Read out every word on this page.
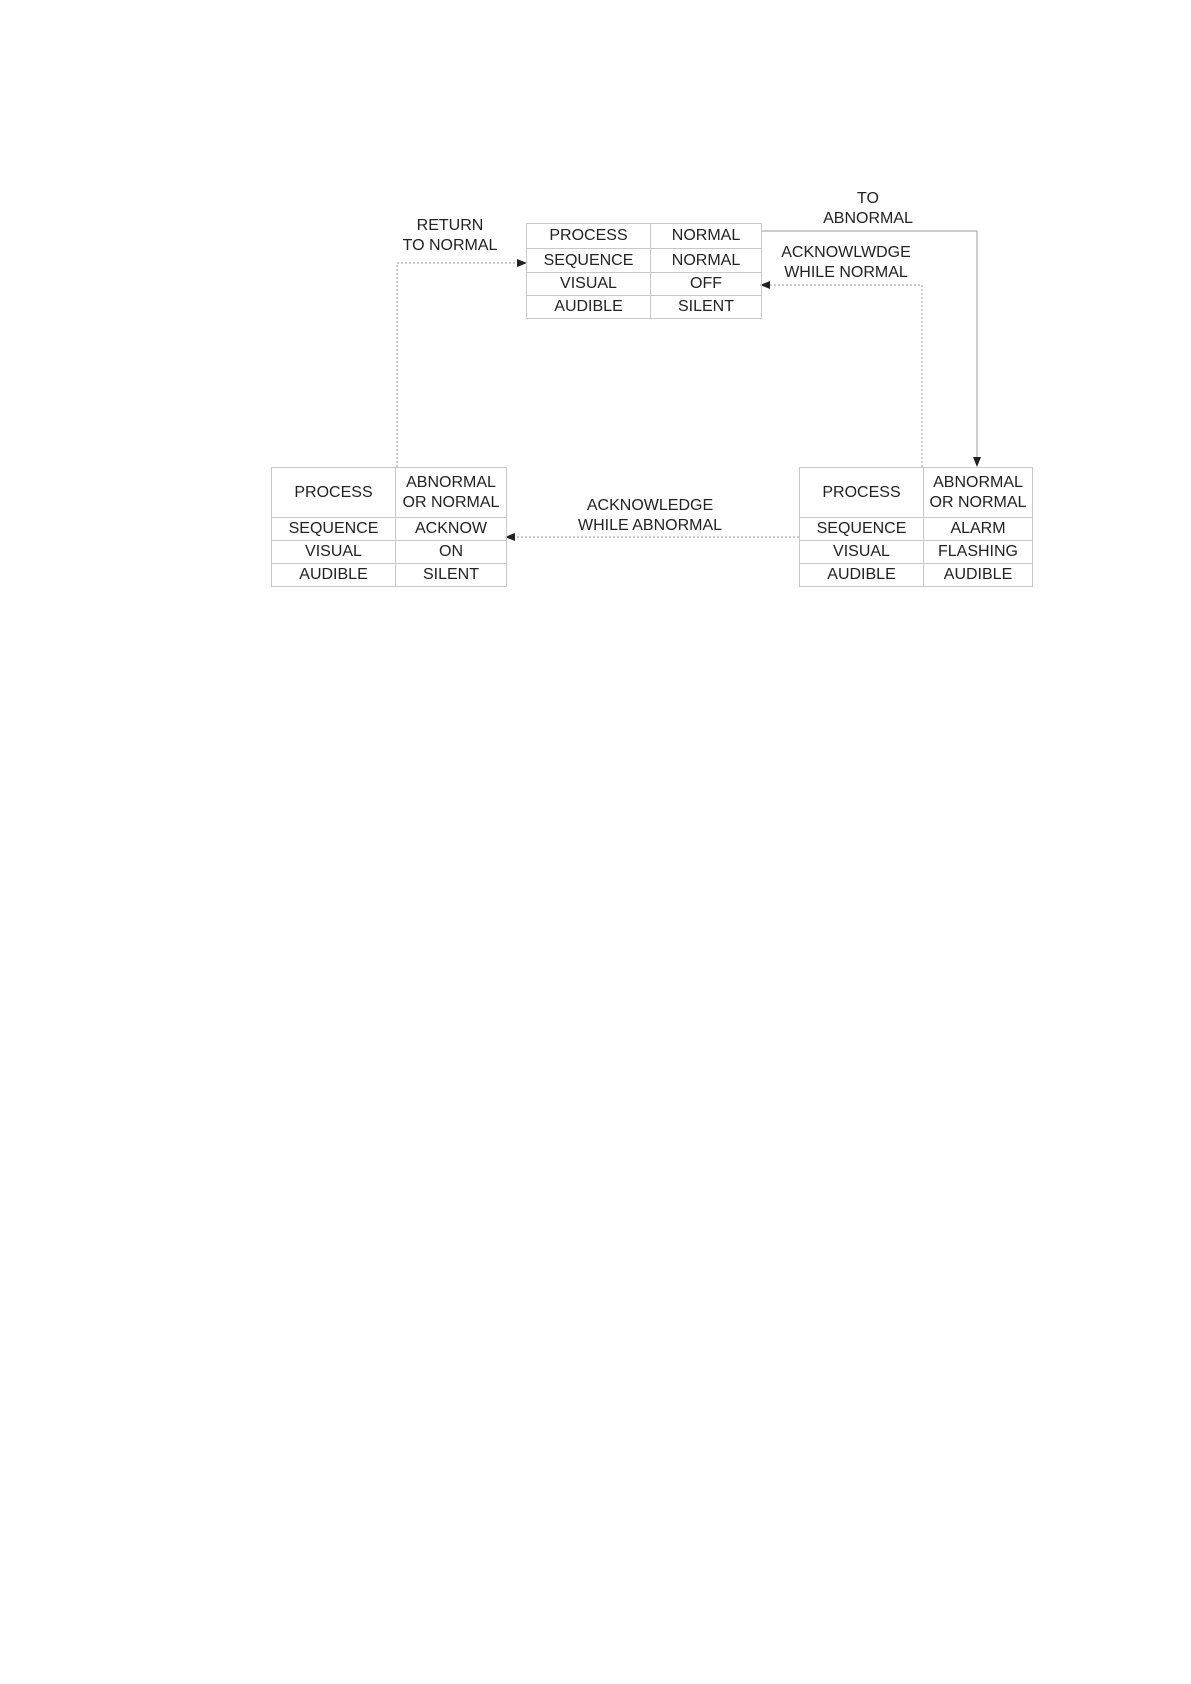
PROCESS	NORMAL
SEQUENCE	NORMAL
VISUAL	OFF
AUDIBLE	SILENT
PROCESS	ABNORMAL
OR NORMAL
SEQUENCE	ACKNOW
VISUAL	ON
AUDIBLE	SILENT
PROCESS	ABNORMAL
OR NORMAL
SEQUENCE	ALARM
VISUAL	FLASHING
AUDIBLE	AUDIBLE
RETURN
TO NORMAL
TO
ABNORMAL
ACKNOWLWDGE
WHILE NORMAL
ACKNOWLEDGE
WHILE ABNORMAL
